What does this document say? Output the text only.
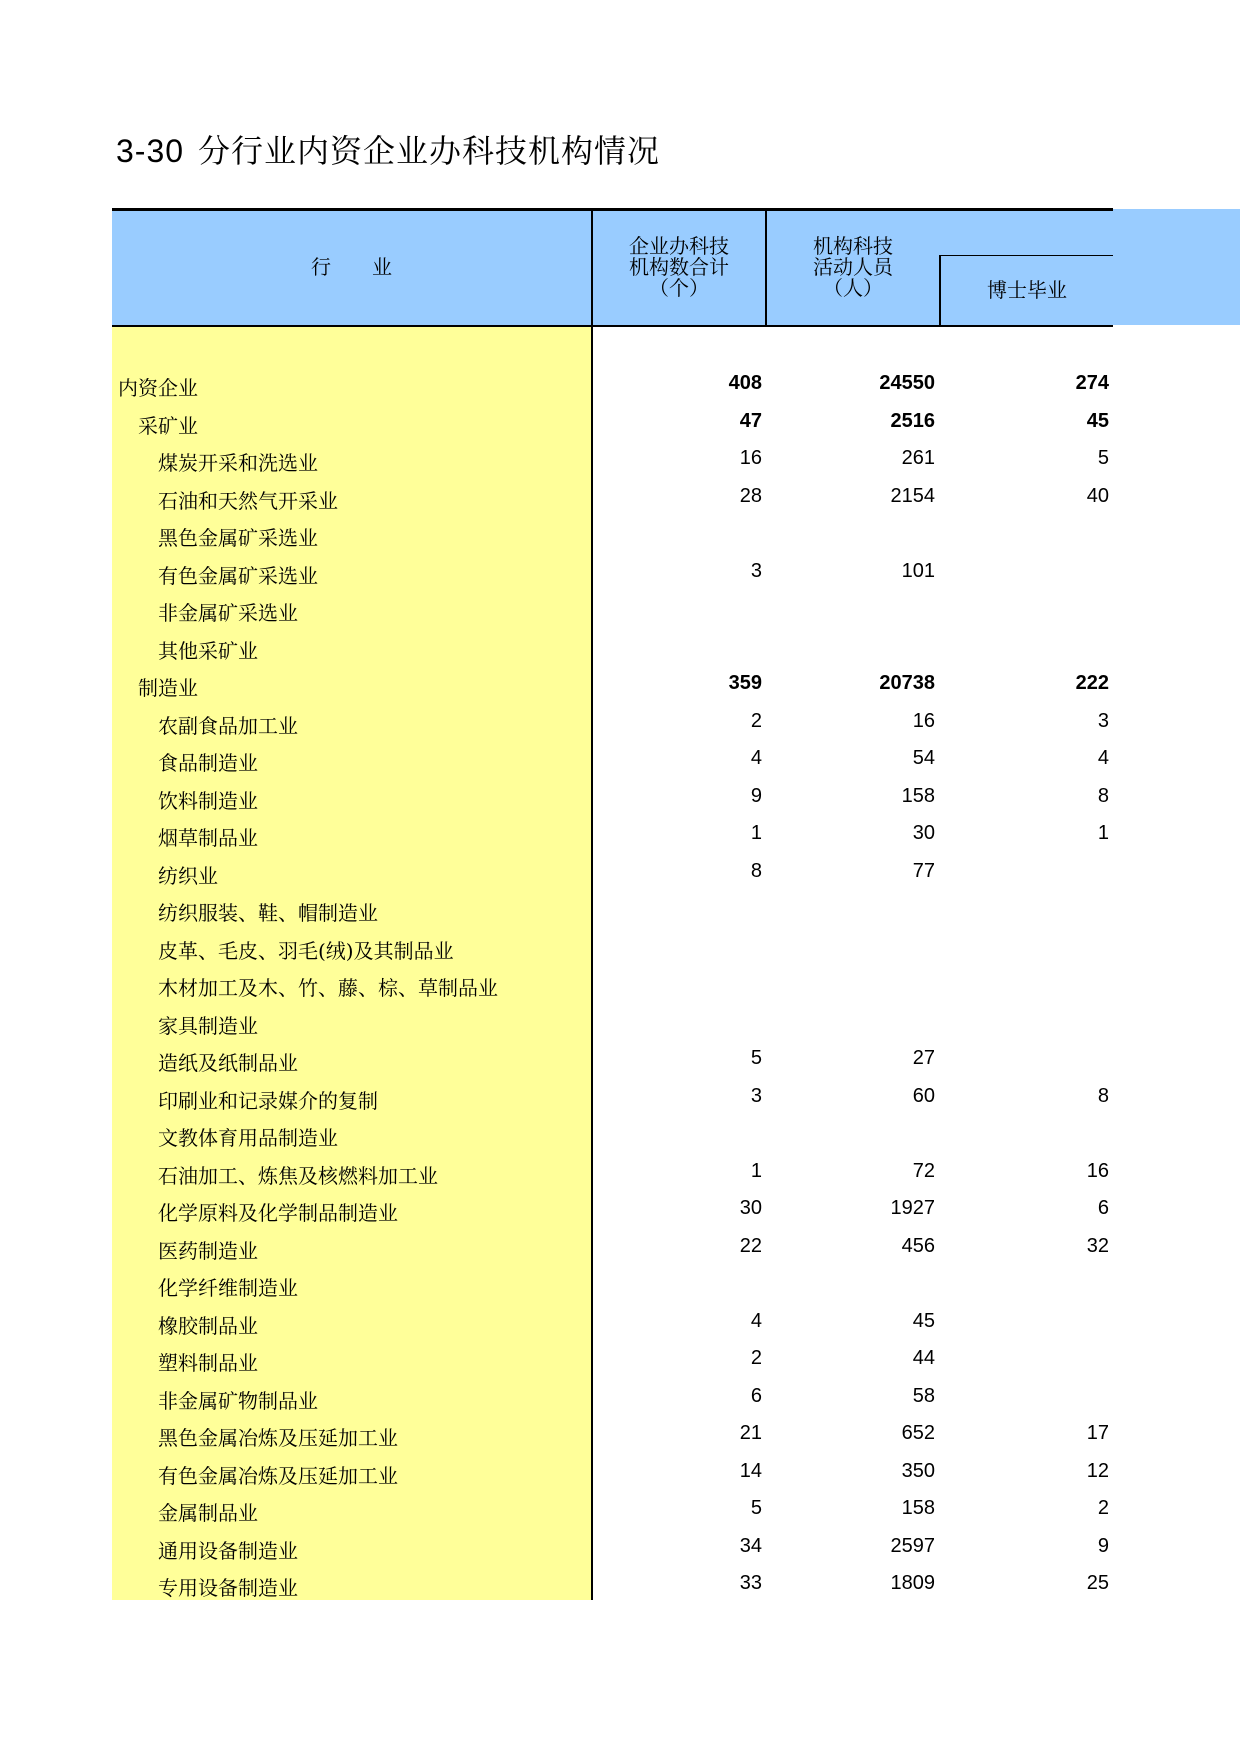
3-30 分行业内资企业办科技机构情况
行 业
企业办科技
机构数合计
（个）
机构科技
活动人员
（人）	博士毕业
内资企业	408	24550	274
采矿业	47	2516	45
煤炭开采和洗选业	16	261	5
石油和天然气开采业	28	2154	40
黑色金属矿采选业
有色金属矿采选业	3	101
非金属矿采选业
其他采矿业
制造业	359	20738	222
农副食品加工业	2	16	3
食品制造业	4	54	4
饮料制造业	9	158	8
烟草制品业	1	30	1
纺织业	8	77
纺织服装、鞋、帽制造业
皮革、毛皮、羽毛(绒)及其制品业
木材加工及木、竹、藤、棕、草制品业
家具制造业
造纸及纸制品业	5	27
印刷业和记录媒介的复制	3	60	8
文教体育用品制造业
石油加工、炼焦及核燃料加工业	1	72	16
化学原料及化学制品制造业	30	1927	6
医药制造业	22	456	32
化学纤维制造业
橡胶制品业	4	45
塑料制品业	2	44
非金属矿物制品业	6	58
黑色金属冶炼及压延加工业	21	652	17
有色金属冶炼及压延加工业	14	350	12
金属制品业	5	158	2
通用设备制造业	34	2597	9
专用设备制造业	33	1809	25
